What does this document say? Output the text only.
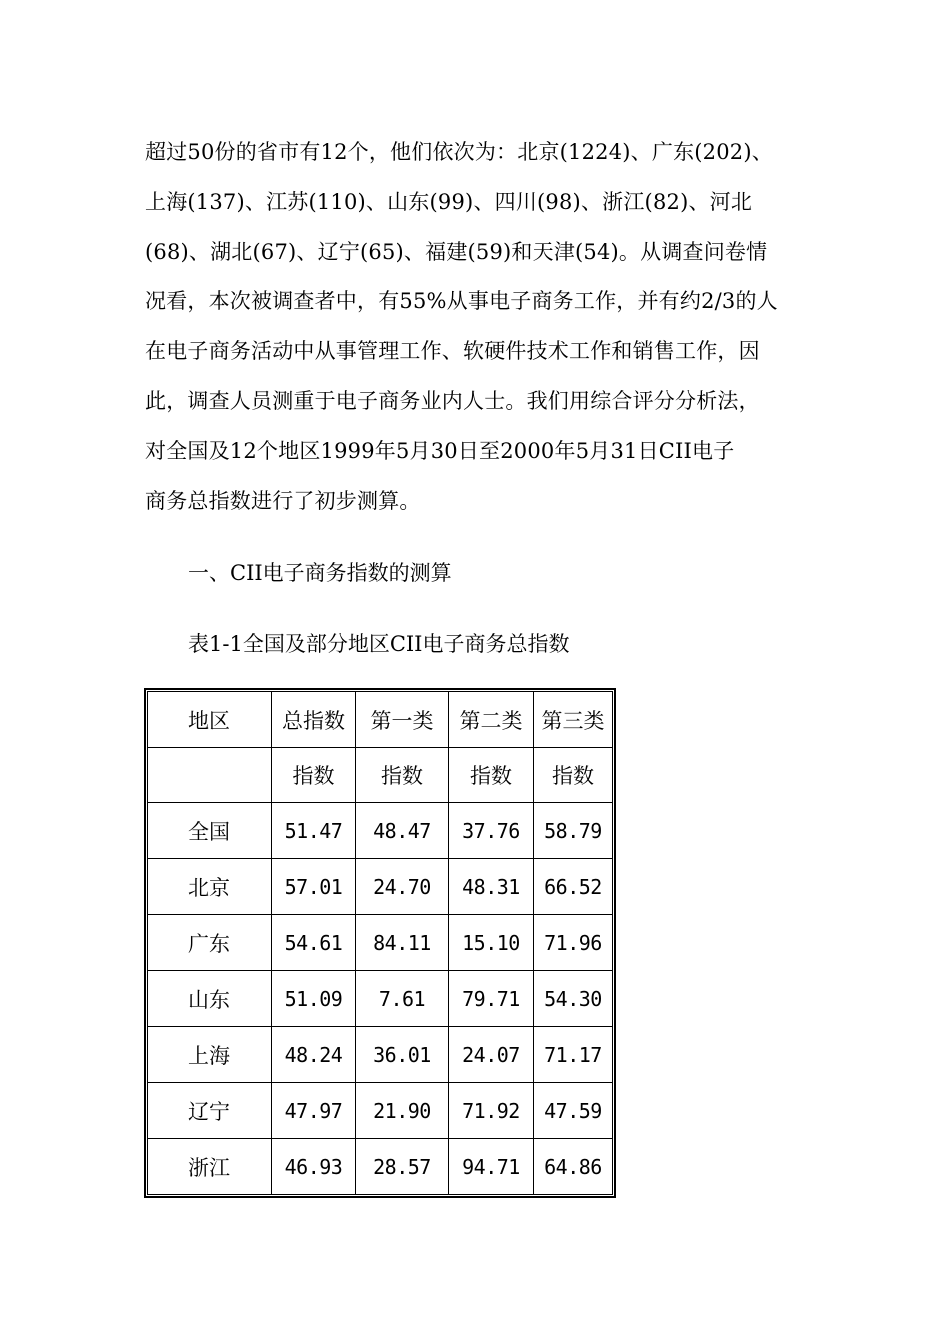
超过50份的省市有12个，他们依次为：北京(1224)、广东(202)、
上海(137)、江苏(110)、山东(99)、四川(98)、浙江(82)、河北
(68)、湖北(67)、辽宁(65)、福建(59)和天津(54)。从调查问卷情
况看，本次被调查者中，有55%从事电子商务工作，并有约2/3的人
在电子商务活动中从事管理工作、软硬件技术工作和销售工作，因
此，调查人员测重于电子商务业内人士。我们用综合评分分析法，
对全国及12个地区1999年5月30日至2000年5月31日CII电子
商务总指数进行了初步测算。

一、CII电子商务指数的测算

表1-1全国及部分地区CII电子商务总指数

地区	总指数	第一类	第二类	第三类
	指数	指数	指数	指数
全国	51.47	48.47	37.76	58.79
北京	57.01	24.70	48.31	66.52
广东	54.61	84.11	15.10	71.96
山东	51.09	7.61	79.71	54.30
上海	48.24	36.01	24.07	71.17
辽宁	47.97	21.90	71.92	47.59
浙江	46.93	28.57	94.71	64.86
